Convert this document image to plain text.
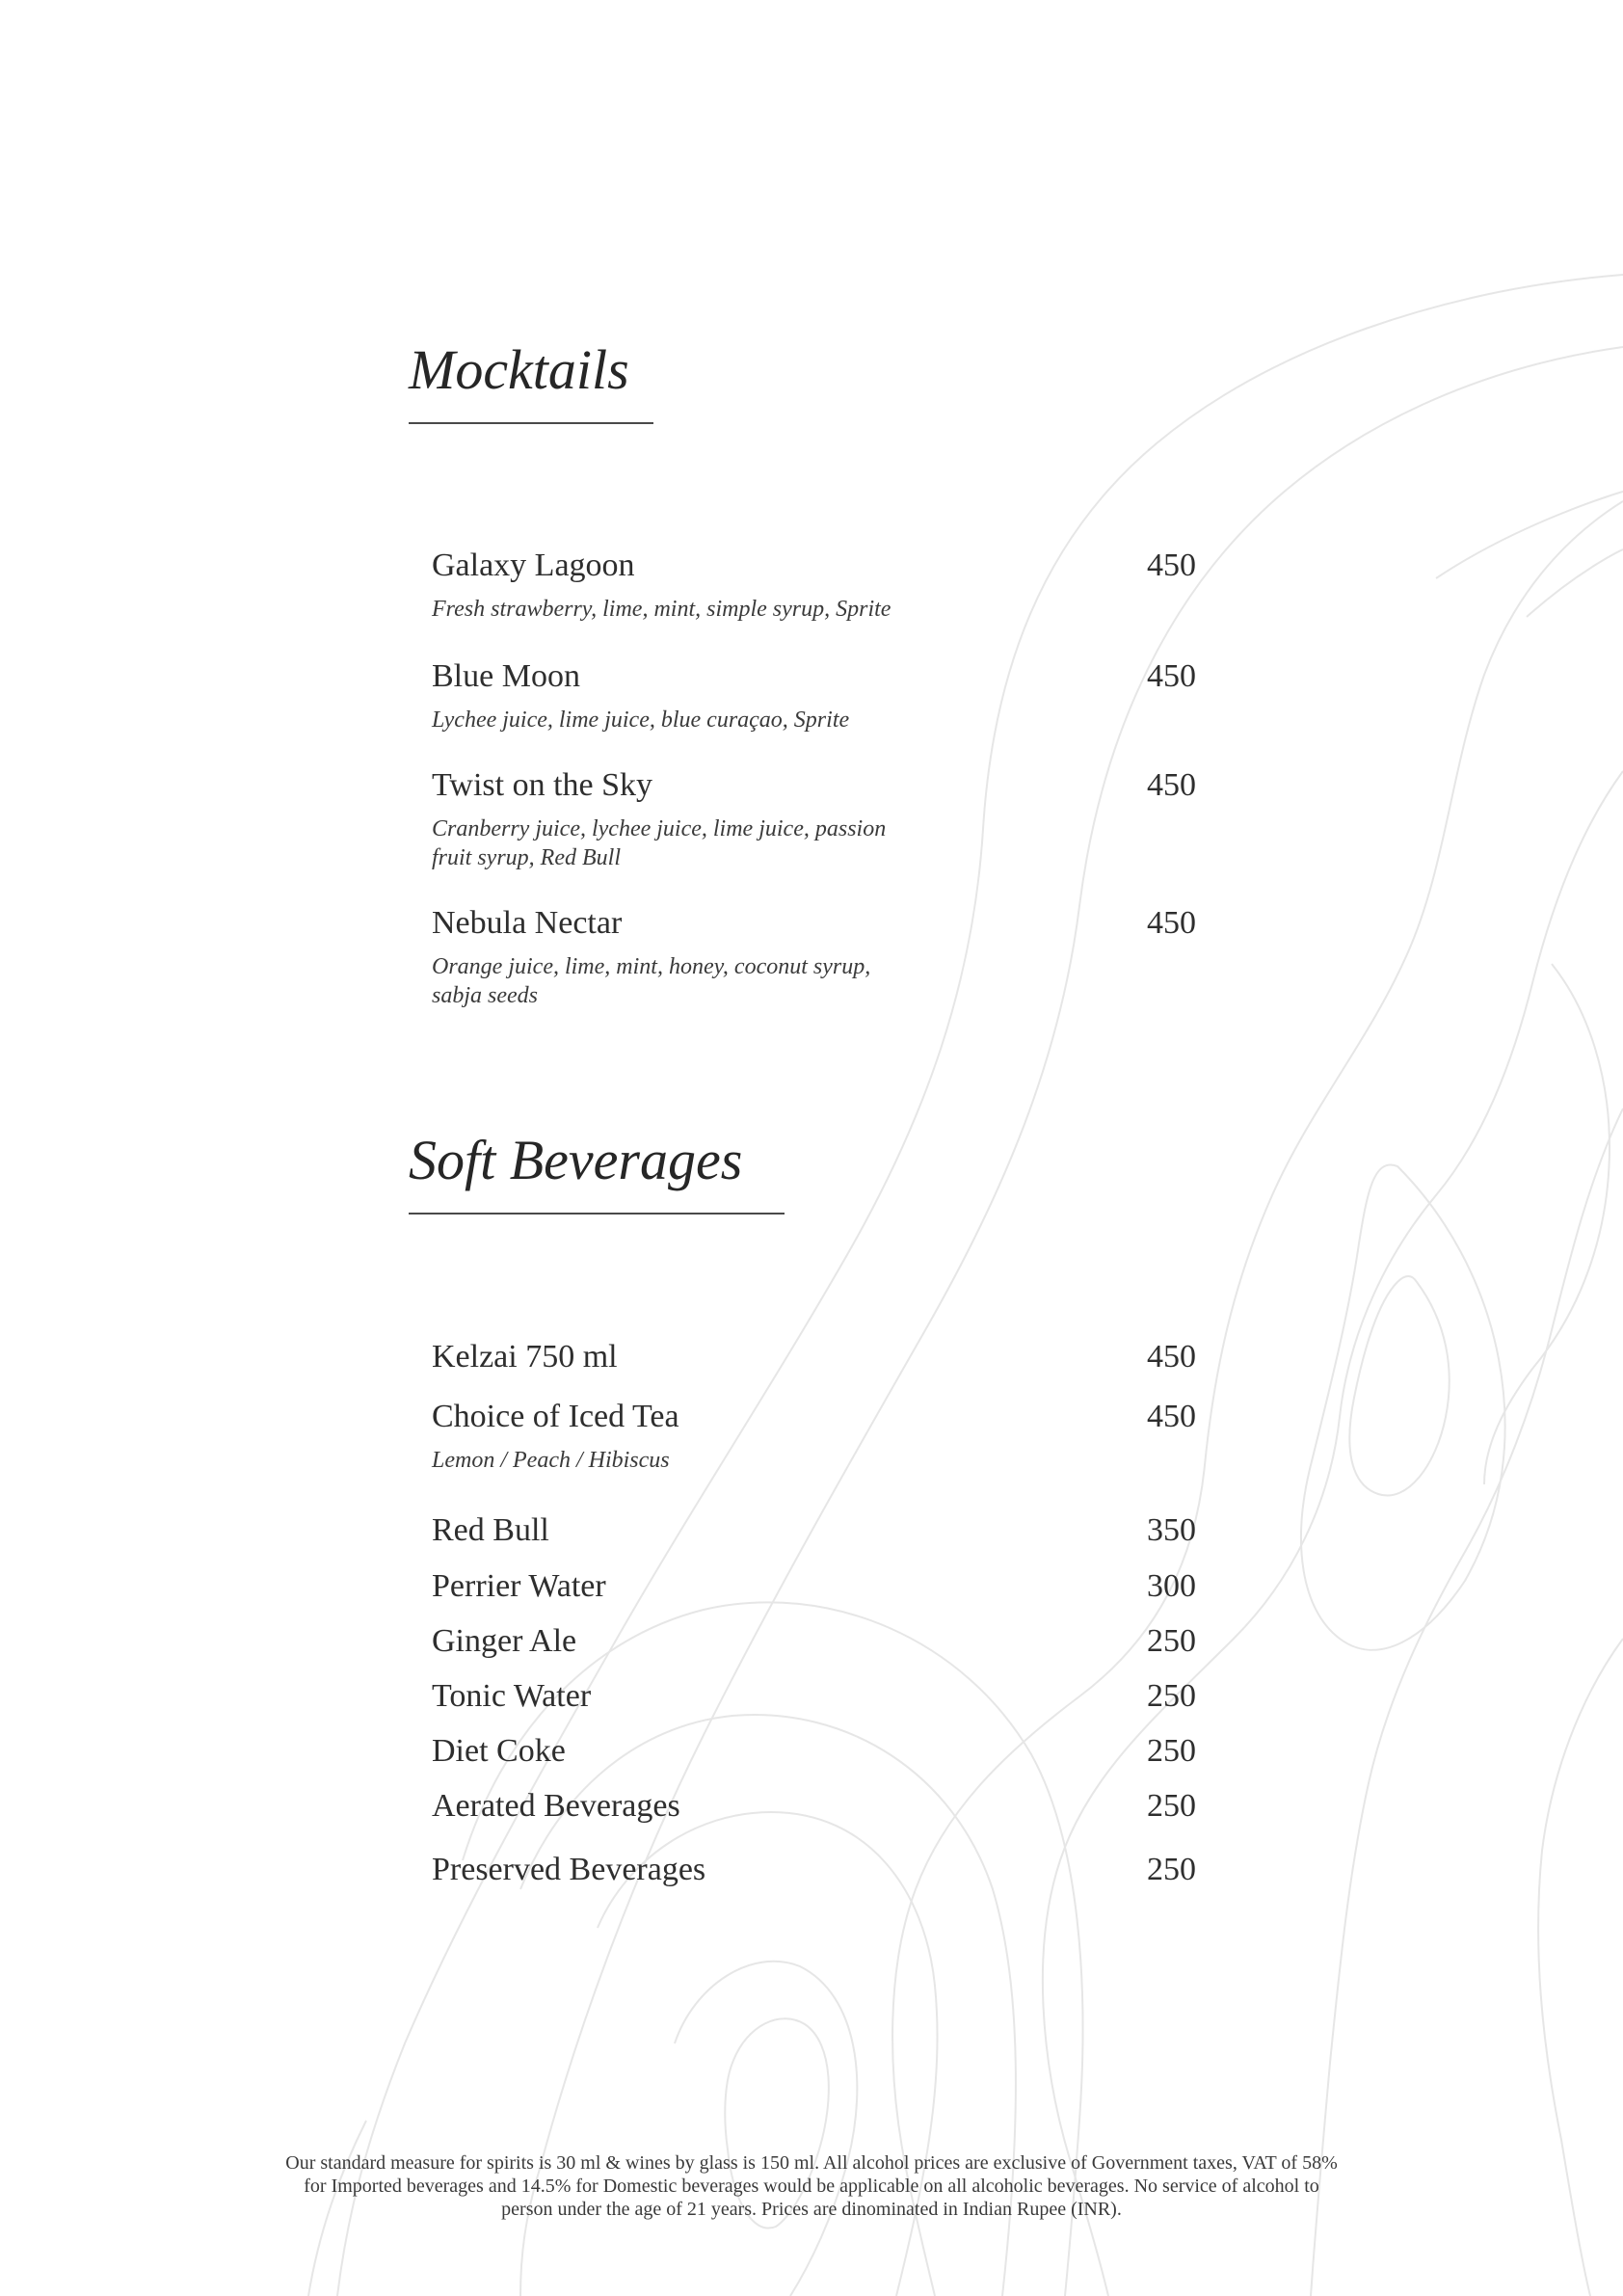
Mocktails
Galaxy Lagoon	450
Fresh strawberry, lime, mint, simple syrup, Sprite
Blue Moon	450
Lychee juice, lime juice, blue curaçao, Sprite
Twist on the Sky	450
Cranberry juice, lychee juice, lime juice, passion fruit syrup, Red Bull
Nebula Nectar	450
Orange juice, lime, mint, honey, coconut syrup, sabja seeds
Soft Beverages
Kelzai 750 ml	450
Choice of Iced Tea	450
Lemon / Peach / Hibiscus
Red Bull	350
Perrier Water	300
Ginger Ale	250
Tonic Water	250
Diet Coke	250
Aerated Beverages	250
Preserved Beverages	250
Our standard measure for spirits is 30 ml & wines by glass is 150 ml. All alcohol prices are exclusive of Government taxes, VAT of 58%
for Imported beverages and 14.5% for Domestic beverages would be applicable on all alcoholic beverages. No service of alcohol to
person under the age of 21 years. Prices are dinominated in Indian Rupee (INR).
